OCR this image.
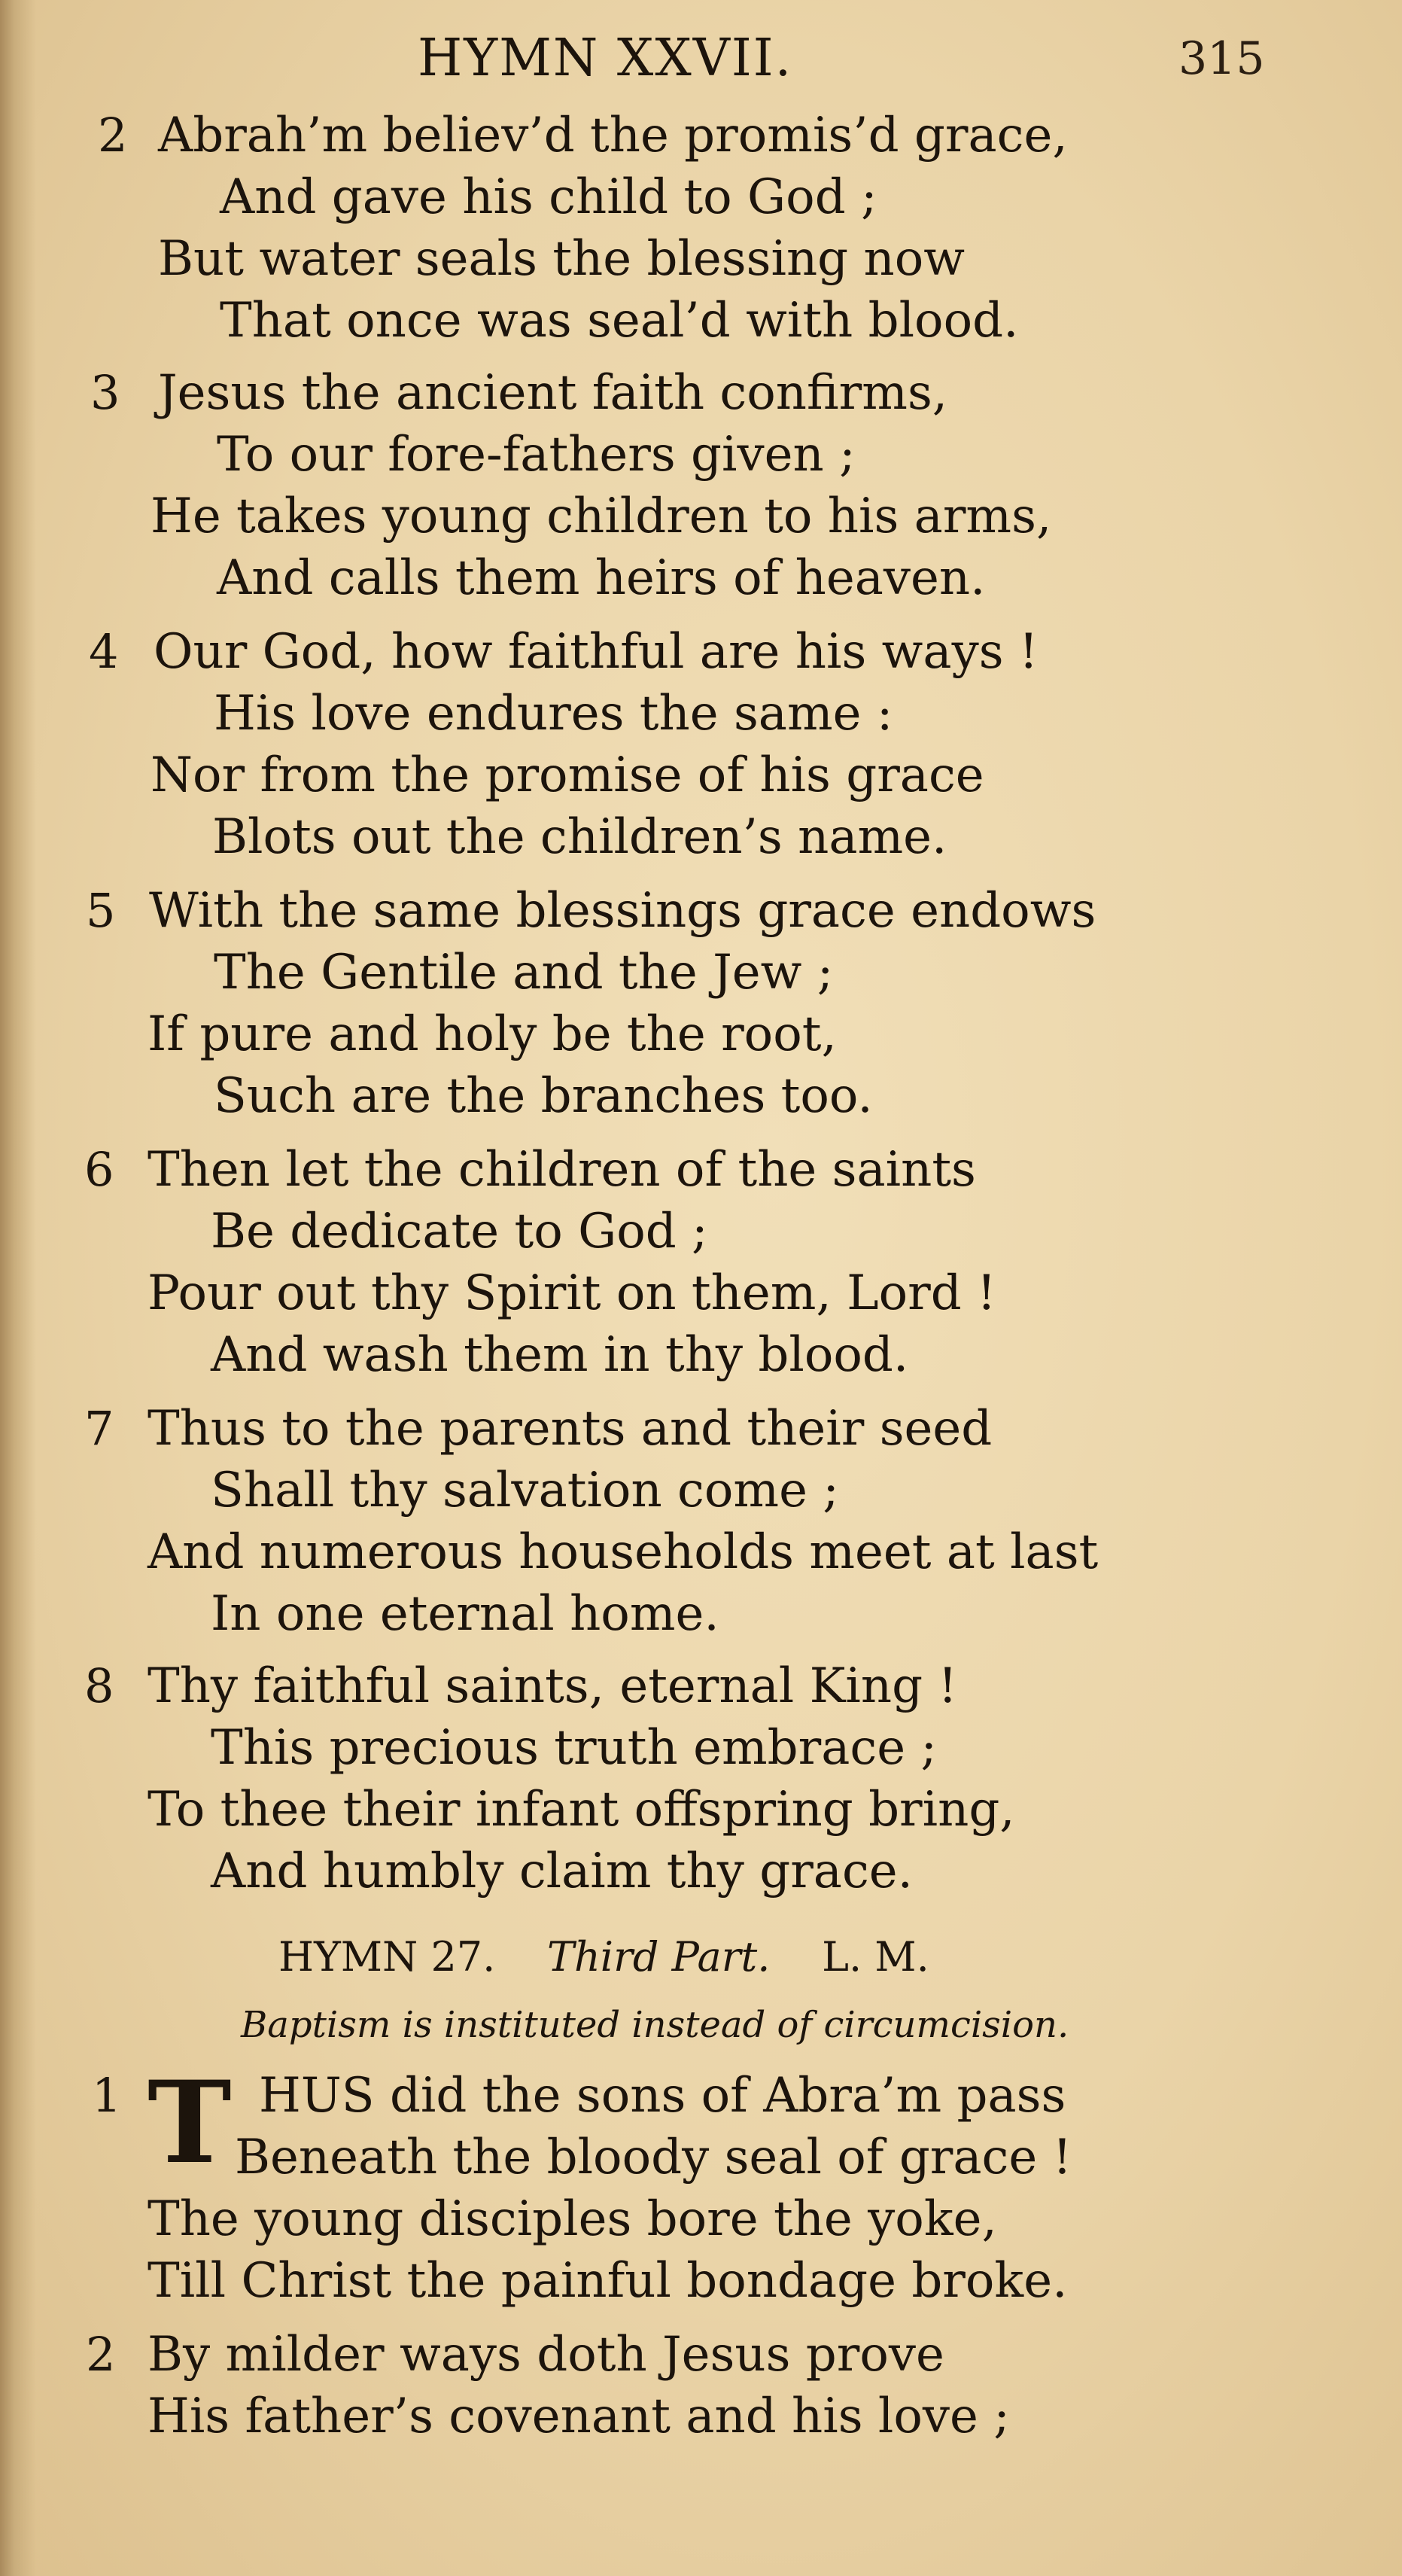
HYMN XXVII.	315
2 Abrah’m believ’d the promis’d grace,
And gave his child to God ;
But water seals the blessing now
That once was seal’d with blood.
3 Jesus the ancient faith confirms,
To our fore-fathers given ;
He takes young children to his arms,
And calls them heirs of heaven.
4 Our God, how faithful are his ways !
His love endures the same :
Nor from the promise of his grace
Blots out the children’s name.
5 With the same blessings grace endows
The Gentile and the Jew ;
If pure and holy be the root,
Such are the branches too.
6 Then let the children of the saints
Be dedicate to God ;
Pour out thy Spirit on them, Lord !
And wash them in thy blood.
7 Thus to the parents and their seed
Shall thy salvation come ;
And numerous households meet at last
In one eternal home.
8 Thy faithful saints, eternal King !
This precious truth embrace ;
To thee their infant offspring bring,
And humbly claim thy grace.
HYMN 27. Third Part. L. M.
Baptism is instituted instead of circumcision.
1 T HUS did the sons of Abra’m pass
Beneath the bloody seal of grace !
The young disciples bore the yoke,
Till Christ the painful bondage broke.
2 By milder ways doth Jesus prove
His father’s covenant and his love ;
